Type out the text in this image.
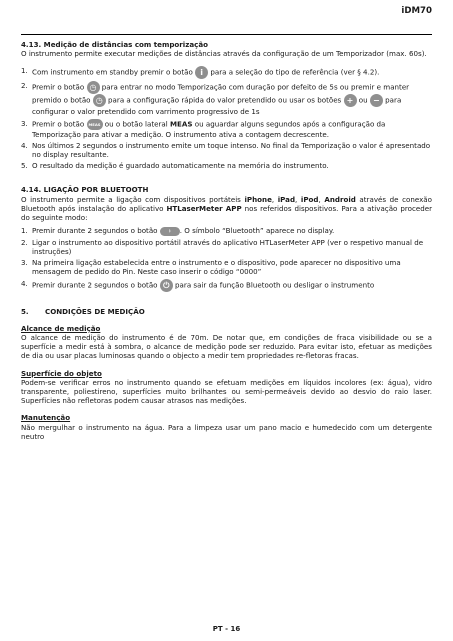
iDM70

4.13. Medição de distâncias com temporização

O instrumento permite executar medições de distâncias através da configuração de um Temporizador (max. 60s).

1. Com instrumento em standby premir o botão i para a seleção do tipo de referência (ver § 4.2).
2. Premir o botão ◷ para entrar no modo Temporização com duração por defeito de 5s ou premir e manter premido o botão ◷ para a configuração rápida do valor pretendido ou usar os botões + ou − para configurar o valor pretendido com varrimento progressivo de 1s
3. Premir o botão MEAS ou o botão lateral MEAS ou aguardar alguns segundos após a configuração da Temporização para ativar a medição. O instrumento ativa a contagem decrescente.
4. Nos últimos 2 segundos o instrumento emite um toque intenso. No final da Temporização o valor é apresentado no display resultante.
5. O resultado da medição é guardado automaticamente na memória do instrumento.

4.14. LIGAÇÃO POR BLUETOOTH

O instrumento permite a ligação com dispositivos portáteis iPhone, iPad, iPod, Android através de conexão Bluetooth após instalação do aplicativo HTLaserMeter APP nos referidos dispositivos. Para a ativação proceder do seguinte modo:

1. Premir durante 2 segundos o botão	ᛒ . O símbolo “Bluetooth” aparece no display.
2. Ligar o instrumento ao dispositivo portátil através do aplicativo HTLaserMeter APP (ver o respetivo manual de instruções)
3. Na primeira ligação estabelecida entre o instrumento e o dispositivo, pode aparecer no dispositivo uma mensagem de pedido do Pin. Neste caso inserir o código “0000”
4. Premir durante 2 segundos o botão ⏻ para sair da função Bluetooth ou desligar o instrumento

5. CONDIÇÕES DE MEDIÇÃO

Alcance de medição

O alcance de medição do instrumento é de 70m. De notar que, em condições de fraca visibilidade ou se a superfície a medir está à sombra, o alcance de medição pode ser reduzido. Para evitar isto, efetuar as medições de dia ou usar placas luminosas quando o objecto a medir tem propriedades re-fletoras fracas.

Superfície do objeto

Podem-se verificar erros no instrumento quando se efetuam medições em líquidos incolores (ex: água), vidro transparente, poliestireno, superfícies muito brilhantes ou semi-permeáveis devido ao desvio do raio laser. Superfícies não refletoras podem causar atrasos nas medições.

Manutenção

Não mergulhar o instrumento na água. Para a limpeza usar um pano macio e humedecido com um detergente neutro

PT - 16
